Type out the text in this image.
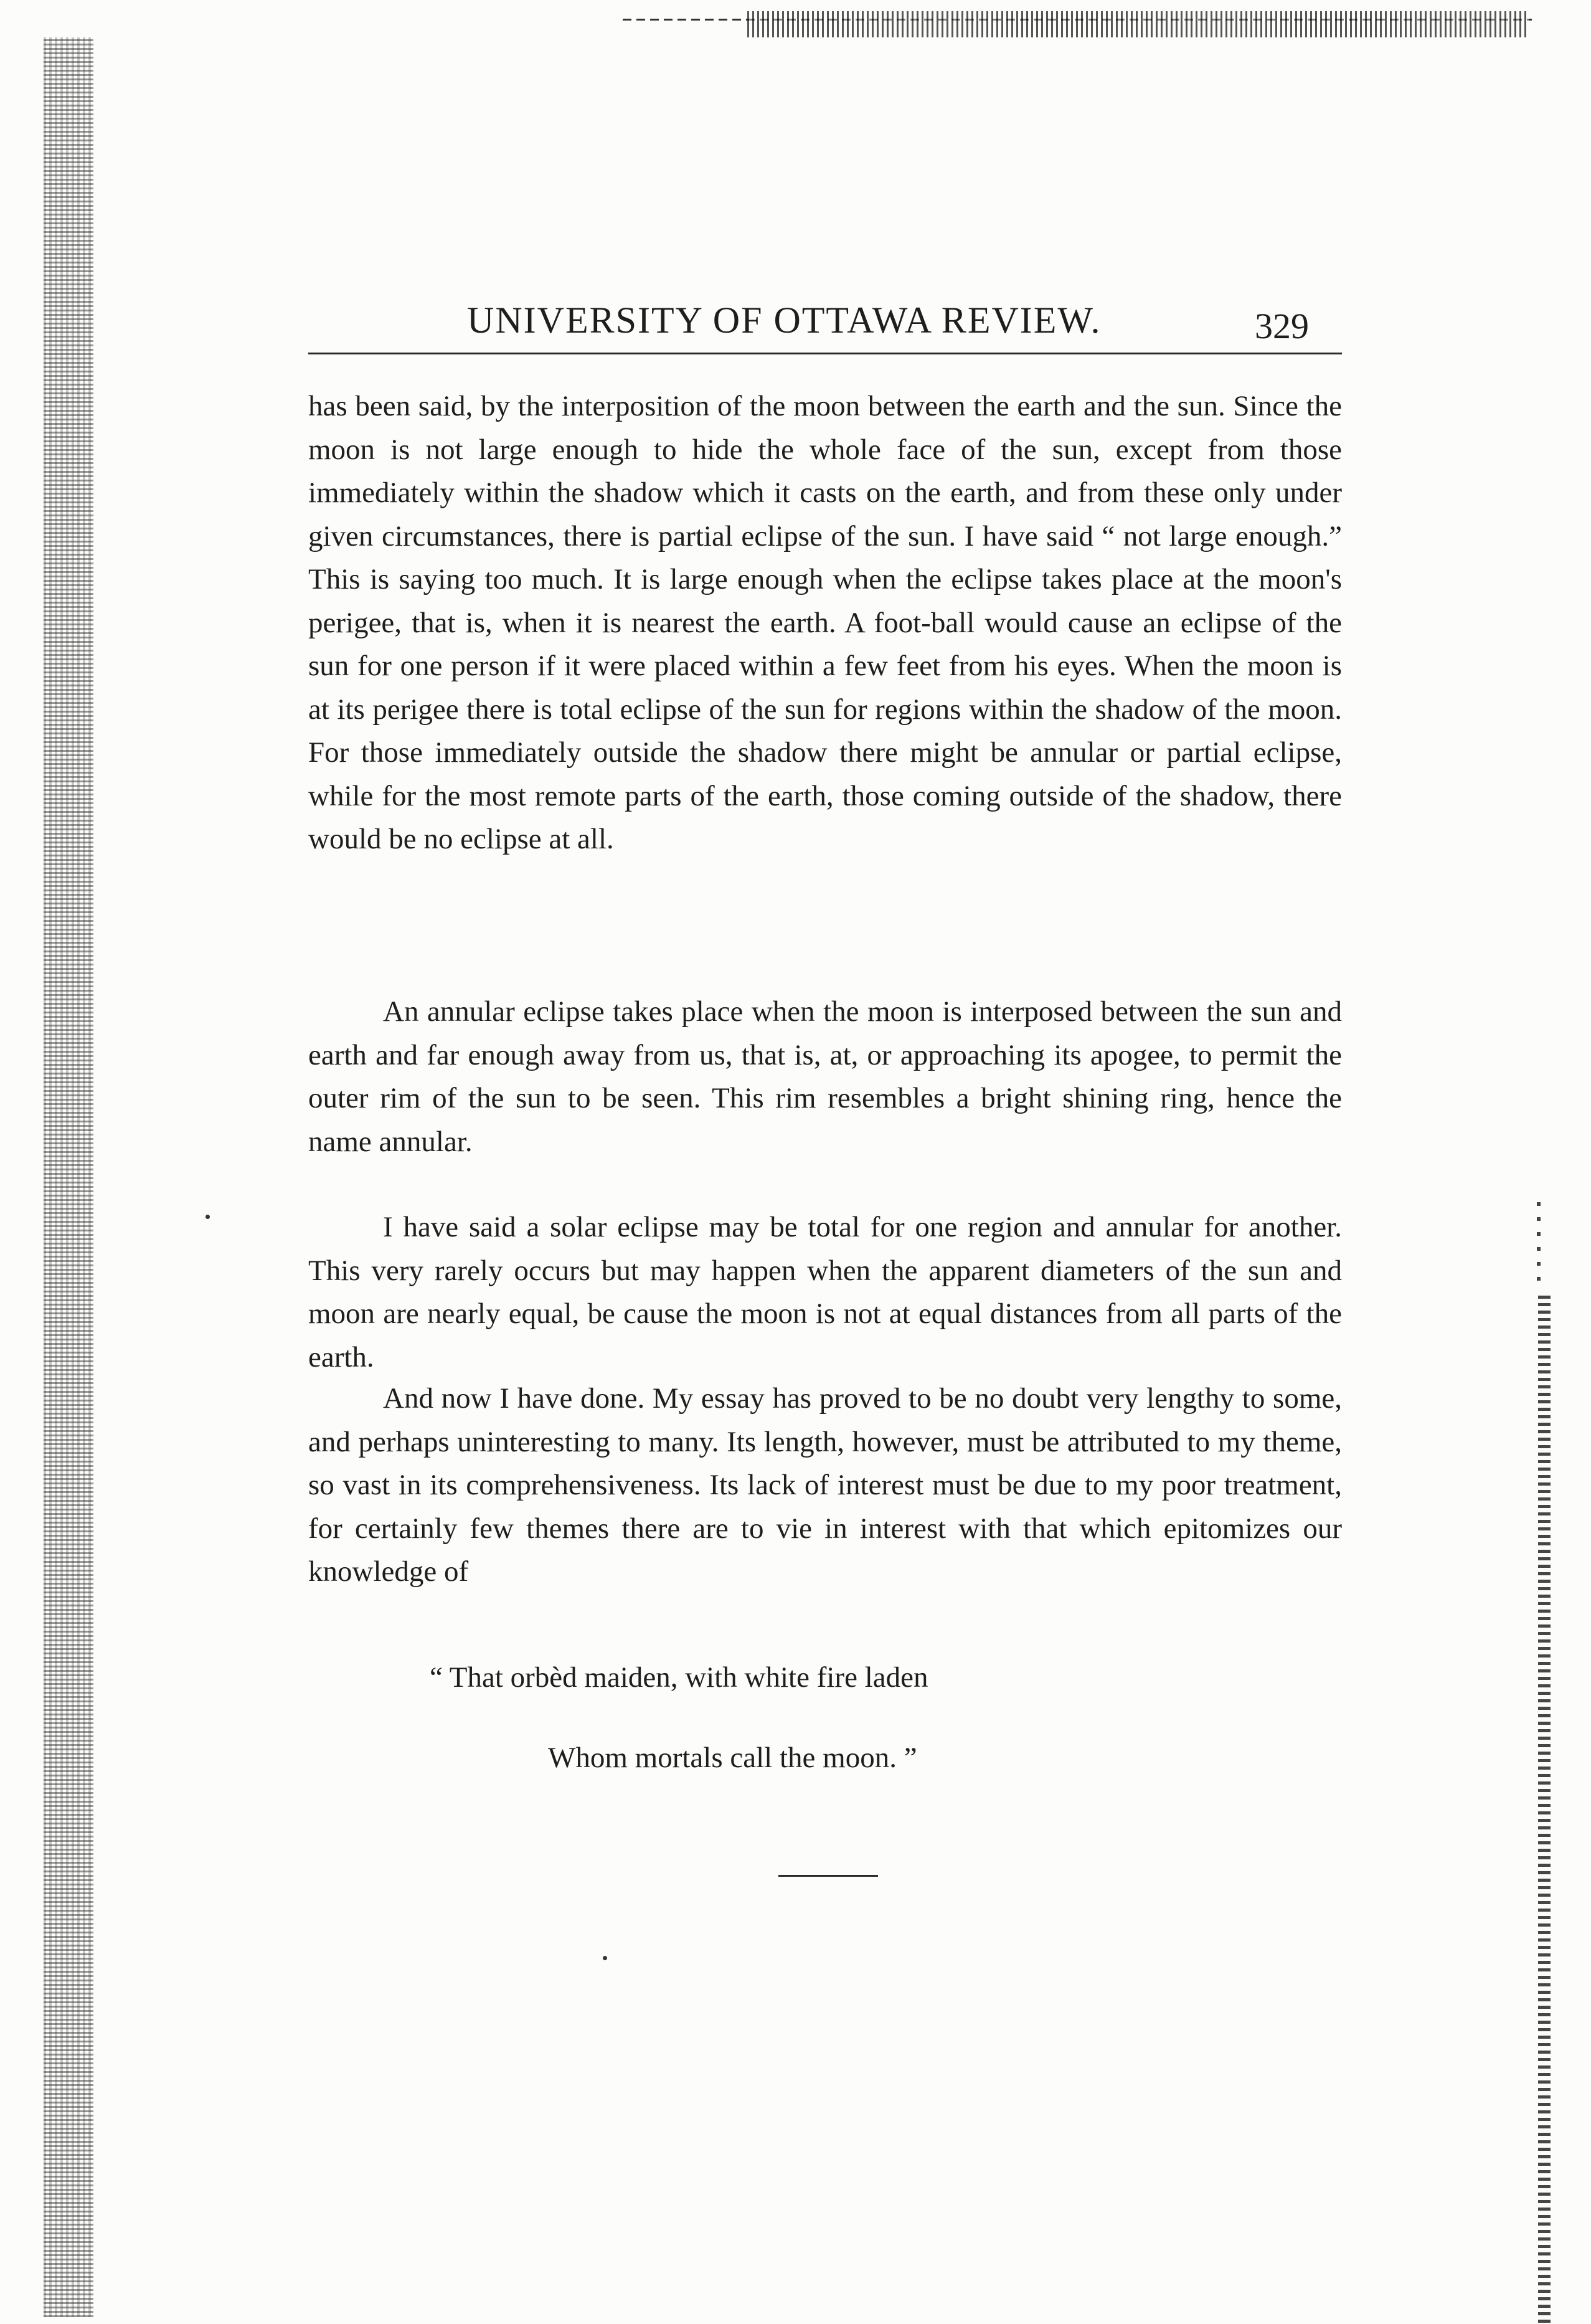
UNIVERSITY OF OTTAWA REVIEW.	329

has been said, by the interposition of the moon between the earth and the sun. Since the moon is not large enough to hide the whole face of the sun, except from those immediately within the shadow which it casts on the earth, and from these only under given circumstances, there is partial eclipse of the sun. I have said “ not large enough.” This is saying too much. It is large enough when the eclipse takes place at the moon's perigee, that is, when it is nearest the earth. A foot-ball would cause an eclipse of the sun for one person if it were placed within a few feet from his eyes. When the moon is at its perigee there is total eclipse of the sun for regions within the shadow of the moon. For those immediately outside the shadow there might be annular or partial eclipse, while for the most remote parts of the earth, those coming outside of the shadow, there would be no eclipse at all.

An annular eclipse takes place when the moon is interposed between the sun and earth and far enough away from us, that is, at, or approaching its apogee, to permit the outer rim of the sun to be seen. This rim resembles a bright shining ring, hence the name annular.

I have said a solar eclipse may be total for one region and annular for another. This very rarely occurs but may happen when the apparent diameters of the sun and moon are nearly equal, be cause the moon is not at equal distances from all parts of the earth.

And now I have done. My essay has proved to be no doubt very lengthy to some, and perhaps uninteresting to many. Its length, however, must be attributed to my theme, so vast in its comprehensiveness. Its lack of interest must be due to my poor treatment, for certainly few themes there are to vie in interest with that which epitomizes our knowledge of

“ That orbèd maiden, with white fire laden
Whom mortals call the moon. ”
